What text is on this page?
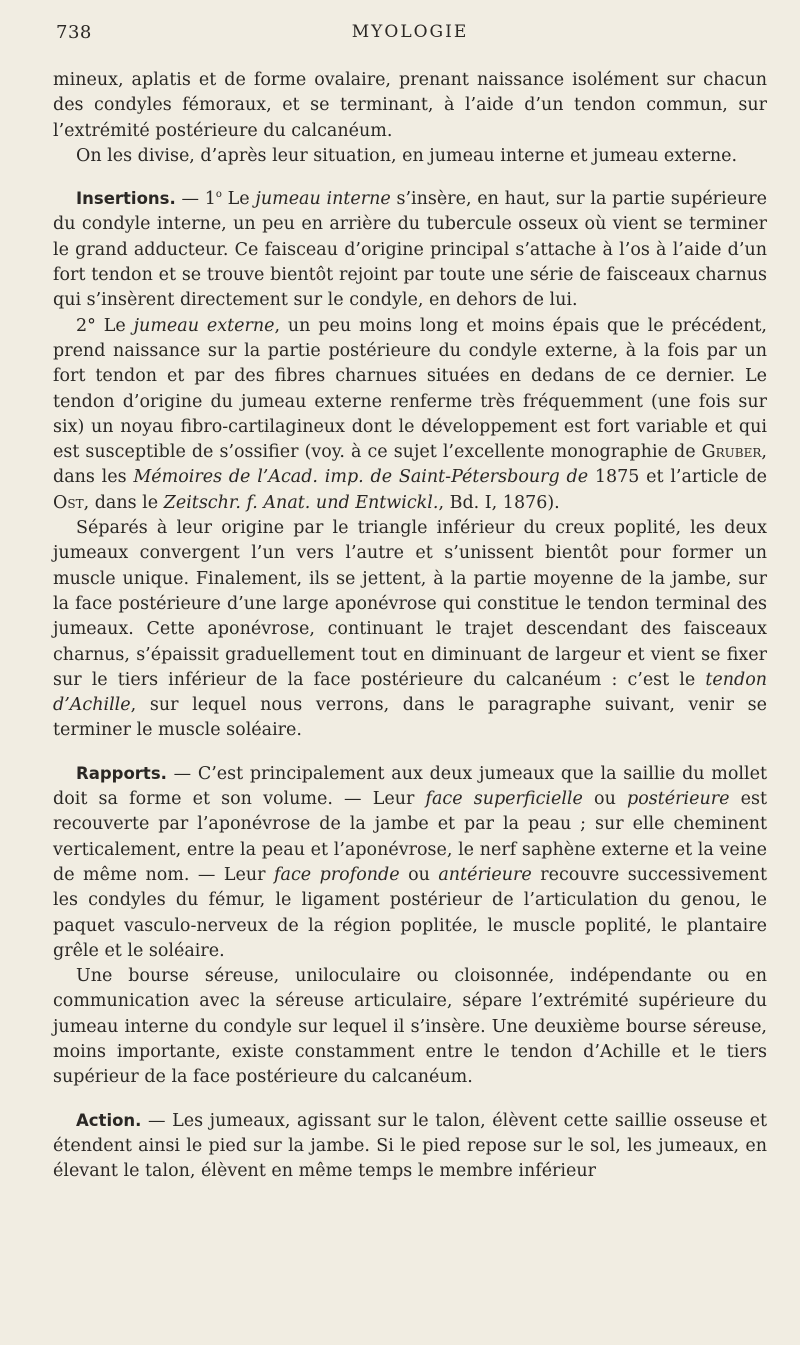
738	MYOLOGIE

mineux, aplatis et de forme ovalaire, prenant naissance isolément sur chacun des condyles fémoraux, et se terminant, à l’aide d’un tendon commun, sur l’extrémité postérieure du calcanéum.

On les divise, d’après leur situation, en jumeau interne et jumeau externe.

Insertions. — 1$^o$ Le jumeau interne s’insère, en haut, sur la partie supérieure du condyle interne, un peu en arrière du tubercule osseux où vient se terminer le grand adducteur. Ce faisceau d’origine principal s’attache à l’os à l’aide d’un fort tendon et se trouve bientôt rejoint par toute une série de faisceaux charnus qui s’insèrent directement sur le condyle, en dehors de lui.

2° Le jumeau externe, un peu moins long et moins épais que le précédent, prend naissance sur la partie postérieure du condyle externe, à la fois par un fort tendon et par des fibres charnues situées en dedans de ce dernier. Le tendon d’origine du jumeau externe renferme très fréquemment (une fois sur six) un noyau fibro-cartilagineux dont le développement est fort variable et qui est susceptible de s’ossifier (voy. à ce sujet l’excellente monographie de Gruber, dans les Mémoires de l’Acad. imp. de Saint-Pétersbourg de 1875 et l’article de Ost, dans le Zeitschr. f. Anat. und Entwickl., Bd. I, 1876).

Séparés à leur origine par le triangle inférieur du creux poplité, les deux jumeaux convergent l’un vers l’autre et s’unissent bientôt pour former un muscle unique. Finalement, ils se jettent, à la partie moyenne de la jambe, sur la face postérieure d’une large aponévrose qui constitue le tendon terminal des jumeaux. Cette aponévrose, continuant le trajet descendant des faisceaux charnus, s’épaissit graduellement tout en diminuant de largeur et vient se fixer sur le tiers inférieur de la face postérieure du calcanéum : c’est le tendon d’Achille, sur lequel nous verrons, dans le paragraphe suivant, venir se terminer le muscle soléaire.

Rapports. — C’est principalement aux deux jumeaux que la saillie du mollet doit sa forme et son volume. — Leur face superficielle ou postérieure est recouverte par l’aponévrose de la jambe et par la peau ; sur elle cheminent verticalement, entre la peau et l’aponévrose, le nerf saphène externe et la veine de même nom. — Leur face profonde ou antérieure recouvre successivement les condyles du fémur, le ligament postérieur de l’articulation du genou, le paquet vasculo-nerveux de la région poplitée, le muscle poplité, le plantaire grêle et le soléaire.

Une bourse séreuse, uniloculaire ou cloisonnée, indépendante ou en communication avec la séreuse articulaire, sépare l’extrémité supérieure du jumeau interne du condyle sur lequel il s’insère. Une deuxième bourse séreuse, moins importante, existe constamment entre le tendon d’Achille et le tiers supérieur de la face postérieure du calcanéum.

Action. — Les jumeaux, agissant sur le talon, élèvent cette saillie osseuse et étendent ainsi le pied sur la jambe. Si le pied repose sur le sol, les jumeaux, en élevant le talon, élèvent en même temps le membre inférieur
